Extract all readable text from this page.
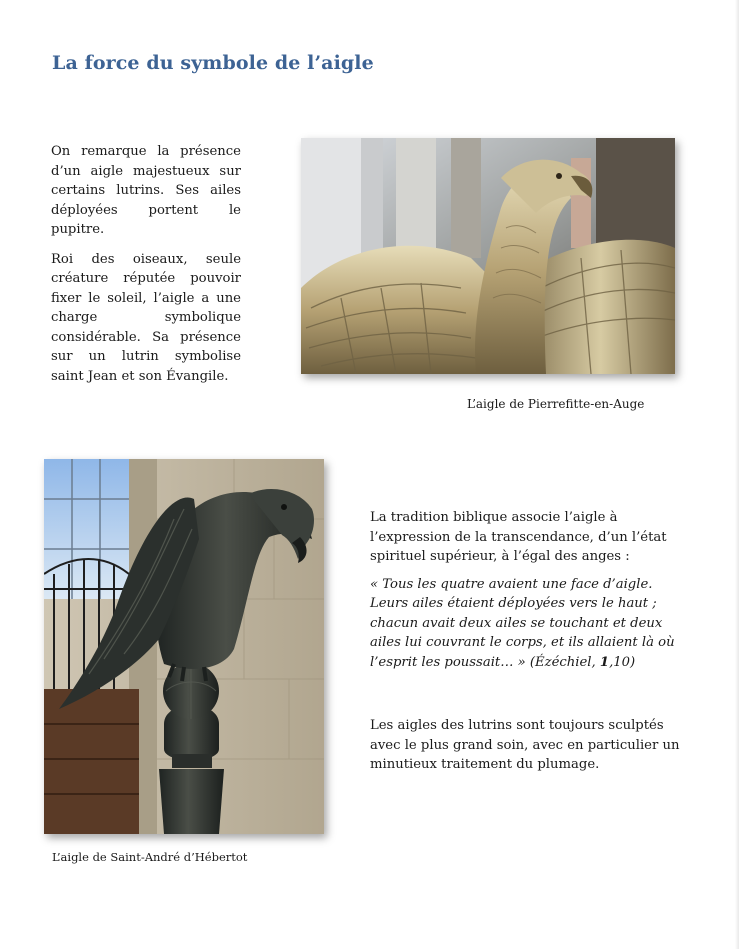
La force du symbole de l’aigle

On remarque la présence d’un aigle majestueux sur certains lutrins. Ses ailes déployées portent le pupitre.

Roi des oiseaux, seule créature réputée pouvoir fixer le soleil, l’aigle a une charge symbolique considérable. Sa présence sur un lutrin symbolise saint Jean et son Évangile.

L’aigle de Pierrefitte-en-Auge
L’aigle de Saint-André d’Hébertot

La tradition biblique associe l’aigle à l’expression de la transcendance, d’un l’état spirituel supérieur, à l’égal des anges :

« Tous les quatre avaient une face d’aigle. Leurs ailes étaient déployées vers le haut ; chacun avait deux ailes se touchant et deux ailes lui couvrant le corps, et ils allaient là où l’esprit les poussait… » (Ézéchiel, 1,10)

Les aigles des lutrins sont toujours sculptés avec le plus grand soin, avec en particulier un minutieux traitement du plumage.
